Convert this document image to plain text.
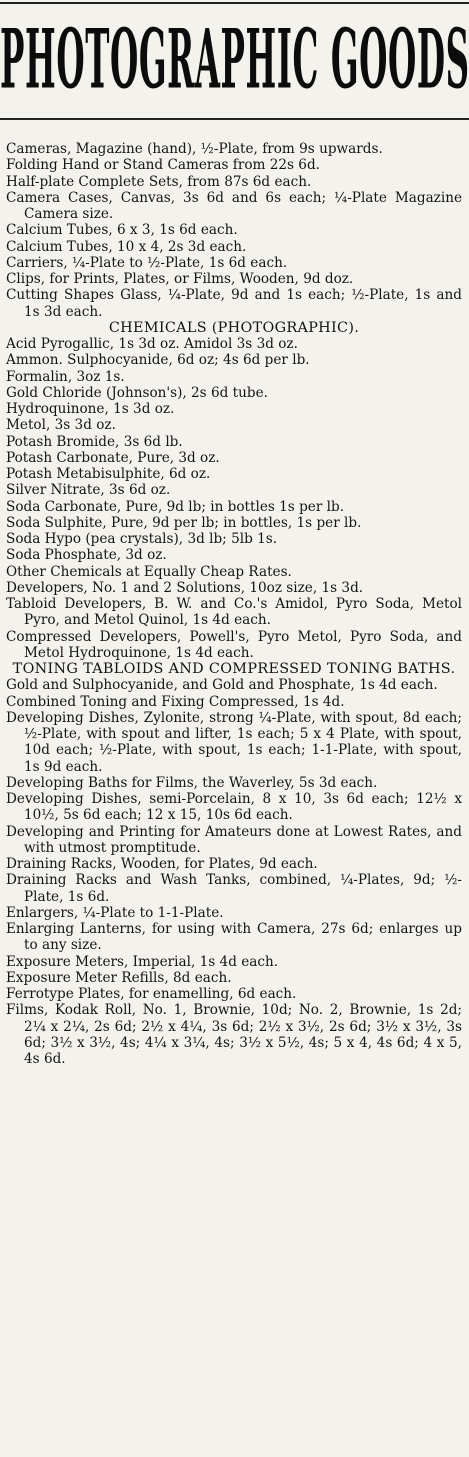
PHOTOGRAPHIC GOODS
Cameras, Magazine (hand), ½-Plate, from 9s upwards.
Folding Hand or Stand Cameras from 22s 6d.
Half-plate Complete Sets, from 87s 6d each.
Camera Cases, Canvas, 3s 6d and 6s each; ¼-Plate Magazine Camera size.
Calcium Tubes, 6 x 3, 1s 6d each.
Calcium Tubes, 10 x 4, 2s 3d each.
Carriers, ¼-Plate to ½-Plate, 1s 6d each.
Clips, for Prints, Plates, or Films, Wooden, 9d doz.
Cutting Shapes Glass, ¼-Plate, 9d and 1s each; ½-Plate, 1s and 1s 3d each.
CHEMICALS (PHOTOGRAPHIC).
Acid Pyrogallic, 1s 3d oz. Amidol 3s 3d oz.
Ammon. Sulphocyanide, 6d oz; 4s 6d per lb.
Formalin, 3oz 1s.
Gold Chloride (Johnson's), 2s 6d tube.
Hydroquinone, 1s 3d oz.
Metol, 3s 3d oz.
Potash Bromide, 3s 6d lb.
Potash Carbonate, Pure, 3d oz.
Potash Metabisulphite, 6d oz.
Silver Nitrate, 3s 6d oz.
Soda Carbonate, Pure, 9d lb; in bottles 1s per lb.
Soda Sulphite, Pure, 9d per lb; in bottles, 1s per lb.
Soda Hypo (pea crystals), 3d lb; 5lb 1s.
Soda Phosphate, 3d oz.
Other Chemicals at Equally Cheap Rates.
Developers, No. 1 and 2 Solutions, 10oz size, 1s 3d.
Tabloid Developers, B. W. and Co.'s Amidol, Pyro Soda, Metol Pyro, and Metol Quinol, 1s 4d each.
Compressed Developers, Powell's, Pyro Metol, Pyro Soda, and Metol Hydroquinone, 1s 4d each.
TONING TABLOIDS AND COMPRESSED TONING BATHS.
Gold and Sulphocyanide, and Gold and Phosphate, 1s 4d each.
Combined Toning and Fixing Compressed, 1s 4d.
Developing Dishes, Zylonite, strong ¼-Plate, with spout, 8d each; ½-Plate, with spout and lifter, 1s each; 5 x 4 Plate, with spout, 10d each; ½-Plate, with spout, 1s each; 1-1-Plate, with spout, 1s 9d each.
Developing Baths for Films, the Waverley, 5s 3d each.
Developing Dishes, semi-Porcelain, 8 x 10, 3s 6d each; 12½ x 10½, 5s 6d each; 12 x 15, 10s 6d each.
Developing and Printing for Amateurs done at Lowest Rates, and with utmost promptitude.
Draining Racks, Wooden, for Plates, 9d each.
Draining Racks and Wash Tanks, combined, ¼-Plates, 9d; ½-Plate, 1s 6d.
Enlargers, ¼-Plate to 1-1-Plate.
Enlarging Lanterns, for using with Camera, 27s 6d; enlarges up to any size.
Exposure Meters, Imperial, 1s 4d each.
Exposure Meter Refills, 8d each.
Ferrotype Plates, for enamelling, 6d each.
Films, Kodak Roll, No. 1, Brownie, 10d; No. 2, Brownie, 1s 2d; 2¼ x 2¼, 2s 6d; 2½ x 4¼, 3s 6d; 2½ x 3½, 2s 6d; 3½ x 3½, 3s 6d; 3½ x 3½, 4s; 4¼ x 3¼, 4s; 3½ x 5½, 4s; 5 x 4, 4s 6d; 4 x 5, 4s 6d.
